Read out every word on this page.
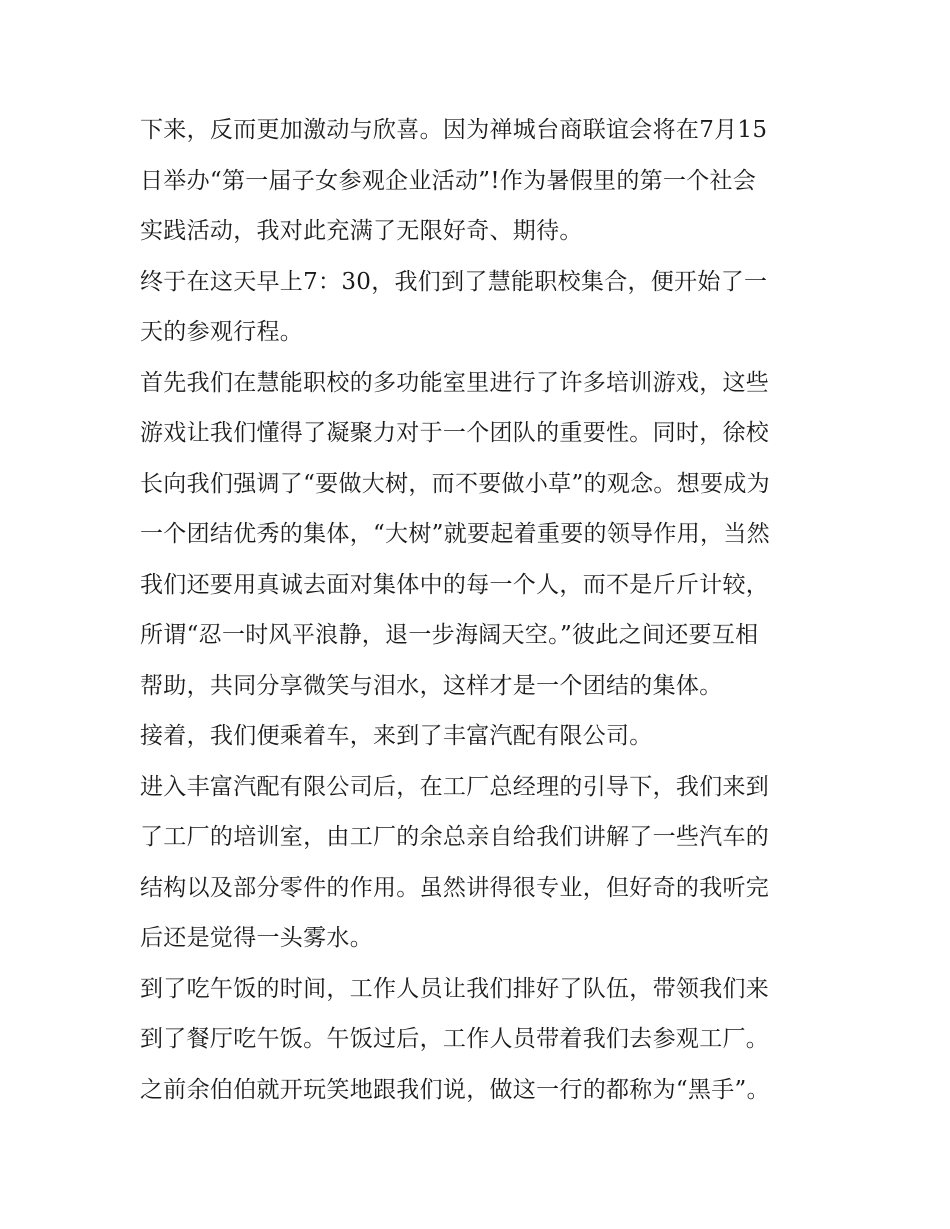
下来，反而更加激动与欣喜。因为禅城台商联谊会将在7月15
日举办“第一届子女参观企业活动”!作为暑假里的第一个社会
实践活动，我对此充满了无限好奇、期待。
终于在这天早上7：30，我们到了慧能职校集合，便开始了一
天的参观行程。
首先我们在慧能职校的多功能室里进行了许多培训游戏，这些
游戏让我们懂得了凝聚力对于一个团队的重要性。同时，徐校
长向我们强调了“要做大树，而不要做小草”的观念。想要成为
一个团结优秀的集体，“大树”就要起着重要的领导作用，当然
我们还要用真诚去面对集体中的每一个人，而不是斤斤计较，
所谓“忍一时风平浪静，退一步海阔天空。”彼此之间还要互相
帮助，共同分享微笑与泪水，这样才是一个团结的集体。
接着，我们便乘着车，来到了丰富汽配有限公司。
进入丰富汽配有限公司后，在工厂总经理的引导下，我们来到
了工厂的培训室，由工厂的余总亲自给我们讲解了一些汽车的
结构以及部分零件的作用。虽然讲得很专业，但好奇的我听完
后还是觉得一头雾水。
到了吃午饭的时间，工作人员让我们排好了队伍，带领我们来
到了餐厅吃午饭。午饭过后，工作人员带着我们去参观工厂。
之前余伯伯就开玩笑地跟我们说，做这一行的都称为“黑手”。
